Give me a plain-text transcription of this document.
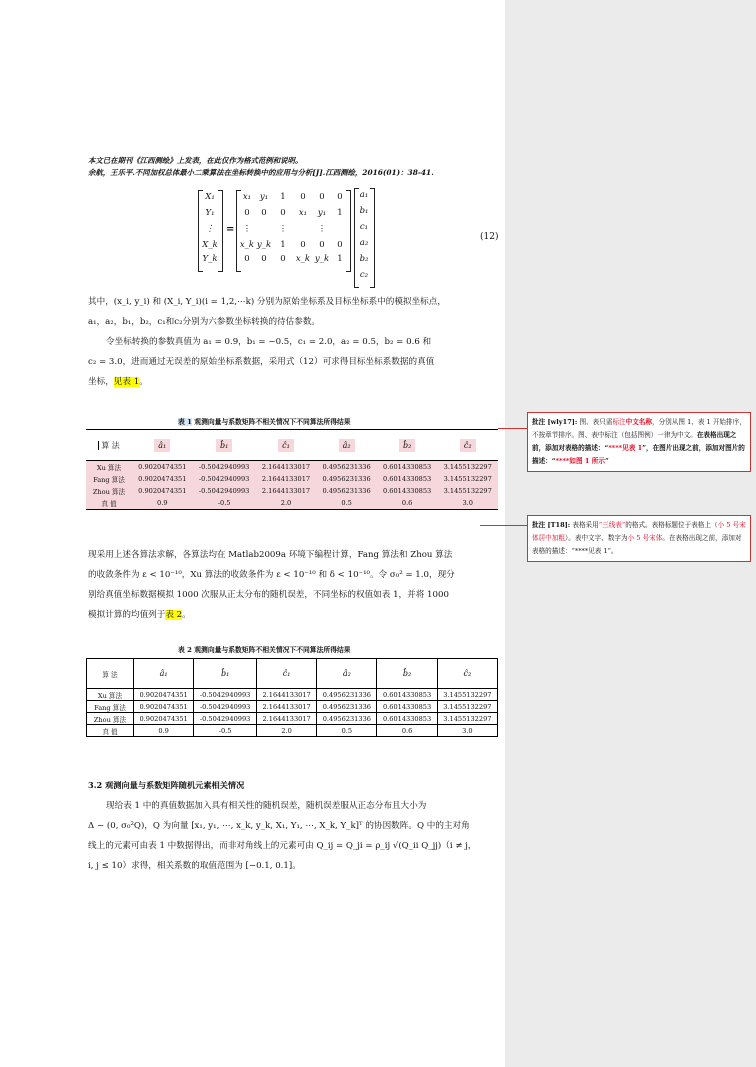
本文已在期刊《江西测绘》上发表，在此仅作为格式范例和说明。
余航，王乐平.不同加权总体最小二乘算法在坐标转换中的应用与分析[J].江西测绘，2016(01)：38-41.
X₁
Y₁
⋮
X_k
Y_k
=
x₁	y₁	1	0	0	0
0	0	0	x₁	y₁	1
⋮	⋮	⋮
x_k y_k	1	0	0	0
0	0	0	x_k y_k 1
a₁
b₁
c₁
a₂
b₂
c₂
(12)
其中，(x_i, y_i) 和 (X_i, Y_i)(i = 1,2,⋯k) 分别为原始坐标系及目标坐标系中的模拟坐标点，
a₁，a₂，b₁，b₂，c₁和c₂分别为六参数坐标转换的待估参数。
令坐标转换的参数真值为 a₁ = 0.9，b₁ = −0.5，c₁ = 2.0，a₂ = 0.5，b₂ = 0.6 和
c₂ = 3.0，进而通过无误差的原始坐标系数据，采用式（12）可求得目标坐标系数据的真值
坐标，见表 1。
表 1 观测向量与系数矩阵不相关情况下不同算法所得结果
算 法	â₁	b̂₁	ĉ₁	â₂	b̂₂	ĉ₂
Xu 算法	0.9020474351	-0.5042940993	2.1644133017	0.4956231336	0.6014330853	3.1455132297
Fang 算法	0.9020474351	-0.5042940993	2.1644133017	0.4956231336	0.6014330853	3.1455132297
Zhou 算法	0.9020474351	-0.5042940993	2.1644133017	0.4956231336	0.6014330853	3.1455132297
真 值	0.9	-0.5	2.0	0.5	0.6	3.0
现采用上述各算法求解，各算法均在 Matlab2009a 环境下编程计算，Fang 算法和 Zhou 算法
的收敛条件为 ε < 10⁻¹⁰，Xu 算法的收敛条件为 ε < 10⁻¹⁰ 和 δ < 10⁻¹⁰。令 σ₀² = 1.0，现分
别给真值坐标数据模拟 1000 次服从正太分布的随机误差，不同坐标的权值如表 1，并将 1000
模拟计算的均值列于表 2。
表 2 观测向量与系数矩阵不相关情况下不同算法所得结果
算 法	â₁	b̂₁	ĉ₁	â₂	b̂₂	ĉ₂
Xu 算法	0.9020474351	-0.5042940993	2.1644133017	0.4956231336	0.6014330853	3.1455132297
Fang 算法	0.9020474351	-0.5042940993	2.1644133017	0.4956231336	0.6014330853	3.1455132297
Zhou 算法	0.9020474351	-0.5042940993	2.1644133017	0.4956231336	0.6014330853	3.1455132297
真 值	0.9	-0.5	2.0	0.5	0.6	3.0
3.2 观测向量与系数矩阵随机元素相关情况
现给表 1 中的真值数据加入具有相关性的随机误差，随机误差服从正态分布且大小为
Δ ~ (0, σ₀²Q)，Q 为向量 [x₁, y₁, ⋯, x_k, y_k, X₁, Y₁, ⋯, X_k, Y_k]ᵀ 的协因数阵。Q 中的主对角
线上的元素可由表 1 中数据得出，而非对角线上的元素可由 Q_ij = Q_ji = ρ_ij √(Q_ii Q_jj)（i ≠ j，
i, j ≤ 10）求得，相关系数的取值范围为 [−0.1, 0.1]。
批注 [wly17]: 图、表只需标注中文名称，分别从图 1、表 1 开始排序，不按章节排序。图、表中标注（包括图例）一律为中文。在表格出现之前，添加对表格的描述：“****见表 1”，在图片出现之前，添加对图片的描述：“****如图 1 所示”
批注 [T18]: 表格采用“三线表”的格式。表格标题位于表格上（小 5 号宋体居中加粗）。表中文字、数字为小 5 号宋体。在表格出现之前，添加对表格的描述：“****见表 1”。
